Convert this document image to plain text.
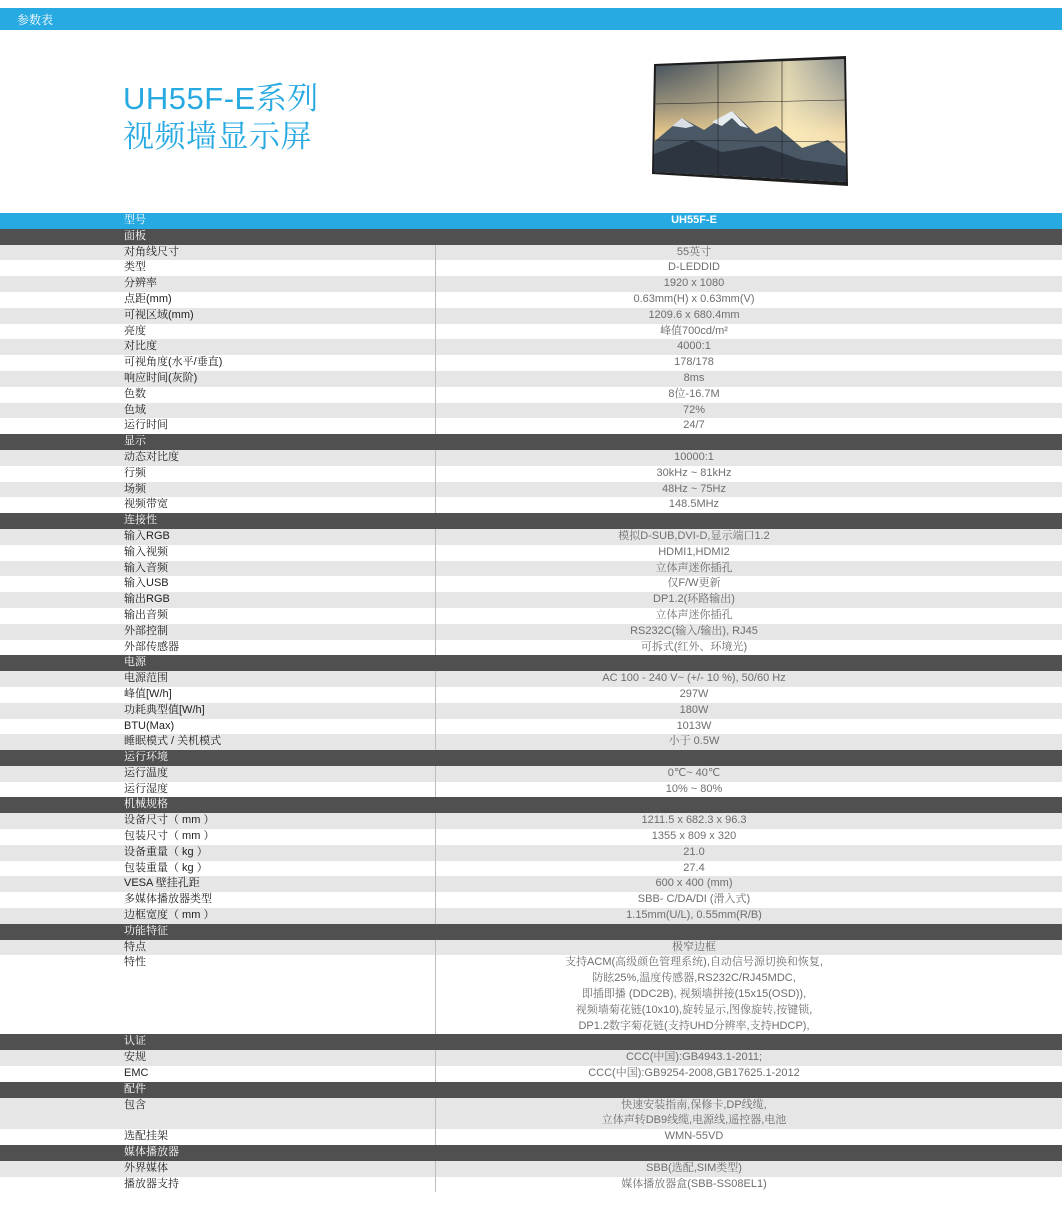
参数表
UH55F-E系列
视频墙显示屏
型号	UH55F-E
面板
对角线尺寸	55英寸
类型	D-LEDDID
分辨率	1920 x 1080
点距(mm)	0.63mm(H) x 0.63mm(V)
可视区域(mm)	1209.6 x 680.4mm
亮度	峰值700cd/m²
对比度	4000:1
可视角度(水平/垂直)	178/178
响应时间(灰阶)	8ms
色数	8位-16.7M
色域	72%
运行时间	24/7
显示
动态对比度	10000:1
行频	30kHz ~ 81kHz
场频	48Hz ~ 75Hz
视频带宽	148.5MHz
连接性
输入RGB	模拟D-SUB,DVI-D,显示端口1.2
输入视频	HDMI1,HDMI2
输入音频	立体声迷你插孔
输入USB	仅F/W更新
输出RGB	DP1.2(环路输出)
输出音频	立体声迷你插孔
外部控制	RS232C(输入/输出), RJ45
外部传感器	可拆式(红外、环境光)
电源
电源范围	AC 100 - 240 V~ (+/- 10 %), 50/60 Hz
峰值[W/h]	297W
功耗典型值[W/h]	180W
BTU(Max)	1013W
睡眠模式 / 关机模式	小于 0.5W
运行环境
运行温度	0℃~ 40℃
运行湿度	10% ~ 80%
机械规格
设备尺寸（ mm ）	1211.5 x 682.3 x 96.3
包装尺寸（ mm ）	1355 x 809 x 320
设备重量（ kg ）	21.0
包装重量（ kg ）	27.4
VESA 壁挂孔距	600 x 400 (mm)
多媒体播放器类型	SBB- C/DA/DI (滑入式)
边框宽度（ mm ）	1.15mm(U/L), 0.55mm(R/B)
功能特征
特点	极窄边框
特性	支持ACM(高级颜色管理系统),自动信号源切换和恢复,
防眩25%,温度传感器,RS232C/RJ45MDC,
即插即播 (DDC2B), 视频墙拼接(15x15(OSD)),
视频墙菊花链(10x10),旋转显示,图像旋转,按键锁,
DP1.2数字菊花链(支持UHD分辨率,支持HDCP),
认证
安规	CCC(中国):GB4943.1-2011;
EMC	CCC(中国):GB9254-2008,GB17625.1-2012
配件
包含	快速安装指南,保修卡,DP线缆,
立体声转DB9线缆,电源线,遥控器,电池
选配挂架	WMN-55VD
媒体播放器
外界媒体	SBB(选配,SIM类型)
播放器支持	媒体播放器盒(SBB-SS08EL1)
